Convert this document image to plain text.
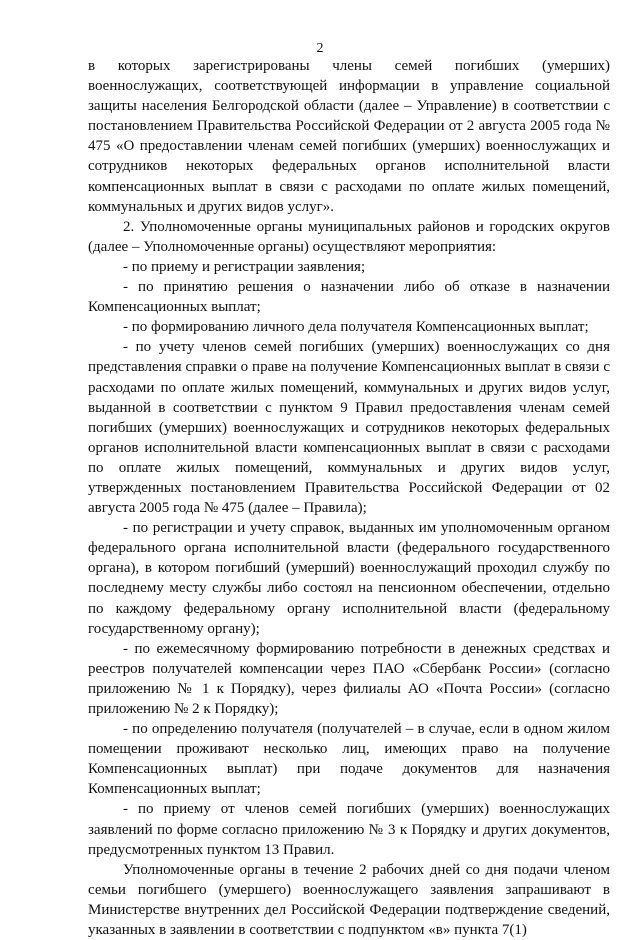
2

в которых зарегистрированы члены семей погибших (умерших) военнослужащих, соответствующей информации в управление социальной защиты населения Белгородской области (далее – Управление) в соответствии с постановлением Правительства Российской Федерации от 2 августа 2005 года № 475 «О предоставлении членам семей погибших (умерших) военнослужащих и сотрудников некоторых федеральных органов исполнительной власти компенсационных выплат в связи с расходами по оплате жилых помещений, коммунальных и других видов услуг».

2. Уполномоченные органы муниципальных районов и городских округов (далее – Уполномоченные органы) осуществляют мероприятия:

- по приему и регистрации заявления;

- по принятию решения о назначении либо об отказе в назначении Компенсационных выплат;

- по формированию личного дела получателя Компенсационных выплат;

- по учету членов семей погибших (умерших) военнослужащих со дня представления справки о праве на получение Компенсационных выплат в связи с расходами по оплате жилых помещений, коммунальных и других видов услуг, выданной в соответствии с пунктом 9 Правил предоставления членам семей погибших (умерших) военнослужащих и сотрудников некоторых федеральных органов исполнительной власти компенсационных выплат в связи с расходами по оплате жилых помещений, коммунальных и других видов услуг, утвержденных постановлением Правительства Российской Федерации от 02 августа 2005 года № 475 (далее – Правила);

- по регистрации и учету справок, выданных им уполномоченным органом федерального органа исполнительной власти (федерального государственного органа), в котором погибший (умерший) военнослужащий проходил службу по последнему месту службы либо состоял на пенсионном обеспечении, отдельно по каждому федеральному органу исполнительной власти (федеральному государственному органу);

- по ежемесячному формированию потребности в денежных средствах и реестров получателей компенсации через ПАО «Сбербанк России» (согласно приложению № 1 к Порядку), через филиалы АО «Почта России» (согласно приложению № 2 к Порядку);

- по определению получателя (получателей – в случае, если в одном жилом помещении проживают несколько лиц, имеющих право на получение Компенсационных выплат) при подаче документов для назначения Компенсационных выплат;

- по приему от членов семей погибших (умерших) военнослужащих заявлений по форме согласно приложению № 3 к Порядку и других документов, предусмотренных пунктом 13 Правил.

Уполномоченные органы в течение 2 рабочих дней со дня подачи членом семьи погибшего (умершего) военнослужащего заявления запрашивают в Министерстве внутренних дел Российской Федерации подтверждение сведений, указанных в заявлении в соответствии с подпунктом «в» пункта 7(1)
